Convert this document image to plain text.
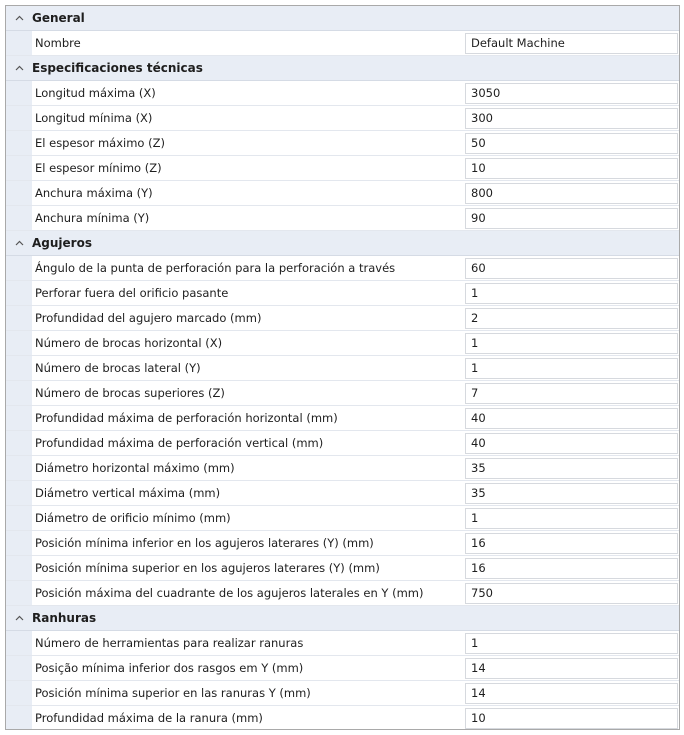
General
Nombre	Default Machine
Especificaciones técnicas
Longitud máxima (X)	3050
Longitud mínima (X)	300
El espesor máximo (Z)	50
El espesor mínimo (Z)	10
Anchura máxima (Y)	800
Anchura mínima (Y)	90
Agujeros
Ángulo de la punta de perforación para la perforación a través	60
Perforar fuera del orificio pasante	1
Profundidad del agujero marcado (mm)	2
Número de brocas horizontal (X)	1
Número de brocas lateral (Y)	1
Número de brocas superiores (Z)	7
Profundidad máxima de perforación horizontal (mm)	40
Profundidad máxima de perforación vertical (mm)	40
Diámetro horizontal máximo (mm)	35
Diámetro vertical máxima (mm)	35
Diámetro de orificio mínimo (mm)	1
Posición mínima inferior en los agujeros laterares (Y) (mm)	16
Posición mínima superior en los agujeros laterares (Y) (mm)	16
Posición máxima del cuadrante de los agujeros laterales en Y (mm)	750
Ranhuras
Número de herramientas para realizar ranuras	1
Posição mínima inferior dos rasgos em Y (mm)	14
Posición mínima superior en las ranuras Y (mm)	14
Profundidad máxima de la ranura (mm)	10
